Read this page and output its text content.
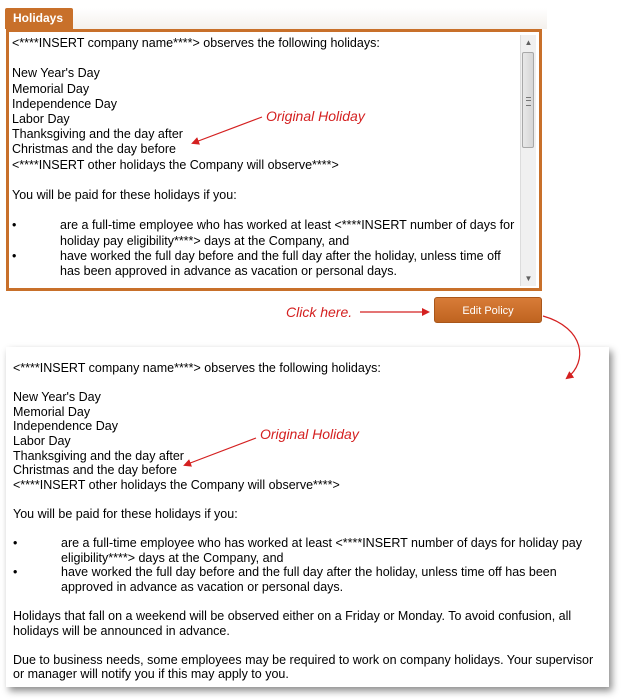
Holidays

<****INSERT company name****> observes the following holidays:

New Year's Day

Memorial Day

Independence Day

Labor Day

Thanksgiving and the day after

Christmas and the day before

<****INSERT other holidays the Company will observe****>

You will be paid for these holidays if you:

•	are a full-time employee who has worked at least <****INSERT number of days for holiday pay eligibility****> days at the Company, and
•	have worked the full day before and the full day after the holiday, unless time off has been approved in advance as vacation or personal days.
▲
▼
Original Holiday
Click here.	Edit Policy

<****INSERT company name****> observes the following holidays:

New Year's Day

Memorial Day

Independence Day

Labor Day

Thanksgiving and the day after

Christmas and the day before

<****INSERT other holidays the Company will observe****>

You will be paid for these holidays if you:

•	are a full-time employee who has worked at least <****INSERT number of days for holiday pay eligibility****> days at the Company, and
•	have worked the full day before and the full day after the holiday, unless time off has been approved in advance as vacation or personal days.

Holidays that fall on a weekend will be observed either on a Friday or Monday. To avoid confusion, all holidays will be announced in advance.

Due to business needs, some employees may be required to work on company holidays. Your supervisor or manager will notify you if this may apply to you.

Original Holiday
